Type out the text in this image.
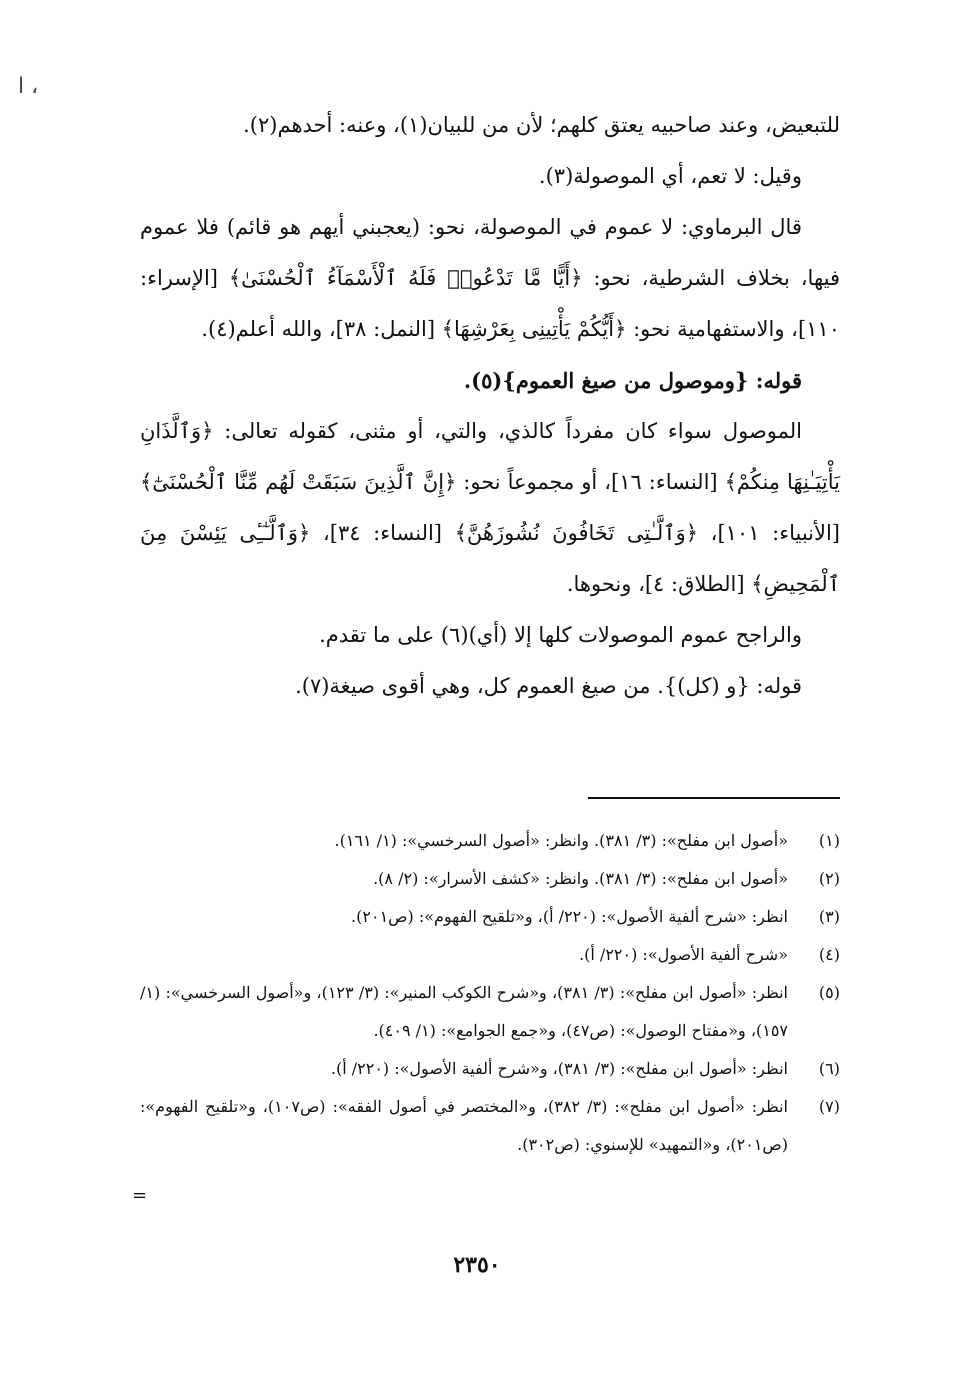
ا ،

للتبعيض، وعند صاحبيه يعتق كلهم؛ لأن من للبيان(١)، وعنه: أحدهم(٢).

وقيل: لا تعم، أي الموصولة(٣).

قال البرماوي: لا عموم في الموصولة، نحو: (يعجبني أيهم هو قائم) فلا عموم فيها، بخلاف الشرطية، نحو: ﴿أَيًّا مَّا تَدْعُوا۟ فَلَهُ ٱلْأَسْمَآءُ ٱلْحُسْنَىٰ﴾ [الإسراء: ١١٠]، والاستفهامية نحو: ﴿أَيُّكُمْ يَأْتِينِى بِعَرْشِهَا﴾ [النمل: ٣٨]، والله أعلم(٤).

قوله: {وموصول من صيغ العموم}(٥).

الموصول سواء كان مفرداً كالذي، والتي، أو مثنى، كقوله تعالى: ﴿وَٱلَّذَانِ يَأْتِيَـٰنِهَا مِنكُمْ﴾ [النساء: ١٦]، أو مجموعاً نحو: ﴿إِنَّ ٱلَّذِينَ سَبَقَتْ لَهُم مِّنَّا ٱلْحُسْنَىٰٓ﴾ [الأنبياء: ١٠١]، ﴿وَٱلَّـٰتِى تَخَافُونَ نُشُوزَهُنَّ﴾ [النساء: ٣٤]، ﴿وَٱلَّـٰٓـِٔى يَئِسْنَ مِنَ ٱلْمَحِيضِ﴾ [الطلاق: ٤]، ونحوها.

والراجح عموم الموصولات كلها إلا (أي)(٦) على ما تقدم.

قوله: {و (كل)}. من صيغ العموم كل، وهي أقوى صيغة(٧).

(١)
«أصول ابن مفلح»: (٣/ ٣٨١). وانظر: «أصول السرخسي»: (١/ ١٦١).
(٢)
«أصول ابن مفلح»: (٣/ ٣٨١). وانظر: «كشف الأسرار»: (٢/ ٨).
(٣)
انظر: «شرح ألفية الأصول»: (٢٢٠/ أ)، و«تلقيح الفهوم»: (ص٢٠١).
(٤)
«شرح ألفية الأصول»: (٢٢٠/ أ).
(٥)
انظر: «أصول ابن مفلح»: (٣/ ٣٨١)، و«شرح الكوكب المنير»: (٣/ ١٢٣)، و«أصول السرخسي»: (١/ ١٥٧)، و«مفتاح الوصول»: (ص٤٧)، و«جمع الجوامع»: (١/ ٤٠٩).
(٦)
انظر: «أصول ابن مفلح»: (٣/ ٣٨١)، و«شرح ألفية الأصول»: (٢٢٠/ أ).
(٧)
انظر: «أصول ابن مفلح»: (٣/ ٣٨٢)، و«المختصر في أصول الفقه»: (ص١٠٧)، و«تلقيح الفهوم»: (ص٢٠١)، و«التمهيد» للإسنوي: (ص٣٠٢).
=
٢٣٥٠
